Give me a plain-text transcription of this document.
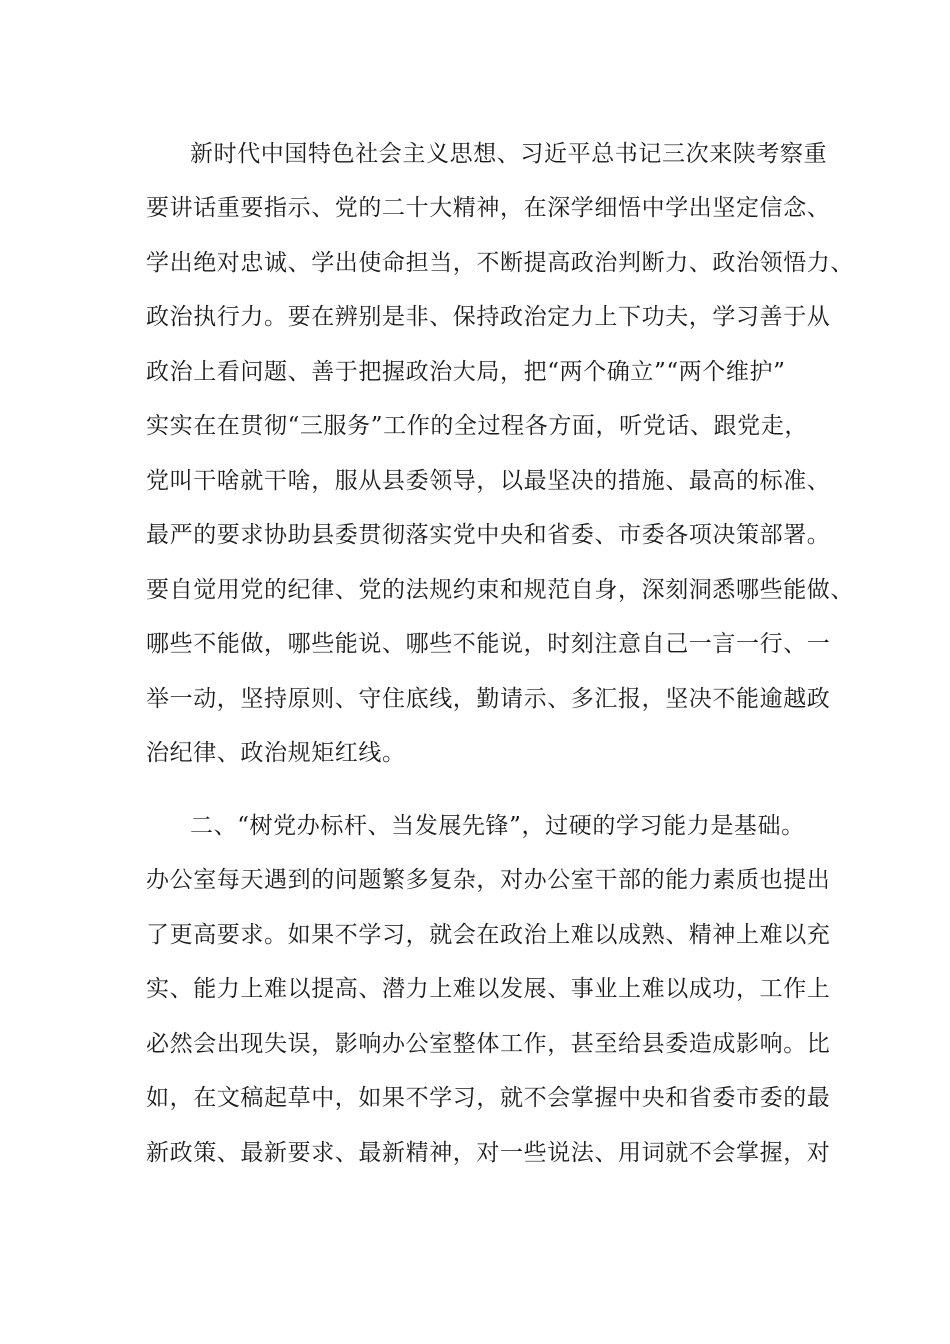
新时代中国特色社会主义思想、习近平总书记三次来陕考察重
要讲话重要指示、党的二十大精神，在深学细悟中学出坚定信念、
学出绝对忠诚、学出使命担当，不断提高政治判断力、政治领悟力、
政治执行力。要在辨别是非、保持政治定力上下功夫，学习善于从
政治上看问题、善于把握政治大局，把“两个确立”“两个维护”
实实在在贯彻“三服务”工作的全过程各方面，听党话、跟党走，
党叫干啥就干啥，服从县委领导，以最坚决的措施、最高的标准、
最严的要求协助县委贯彻落实党中央和省委、市委各项决策部署。
要自觉用党的纪律、党的法规约束和规范自身，深刻洞悉哪些能做、
哪些不能做，哪些能说、哪些不能说，时刻注意自己一言一行、一
举一动，坚持原则、守住底线，勤请示、多汇报，坚决不能逾越政
治纪律、政治规矩红线。
二、“树党办标杆、当发展先锋”，过硬的学习能力是基础。
办公室每天遇到的问题繁多复杂，对办公室干部的能力素质也提出
了更高要求。如果不学习，就会在政治上难以成熟、精神上难以充
实、能力上难以提高、潜力上难以发展、事业上难以成功，工作上
必然会出现失误，影响办公室整体工作，甚至给县委造成影响。比
如，在文稿起草中，如果不学习，就不会掌握中央和省委市委的最
新政策、最新要求、最新精神，对一些说法、用词就不会掌握，对
